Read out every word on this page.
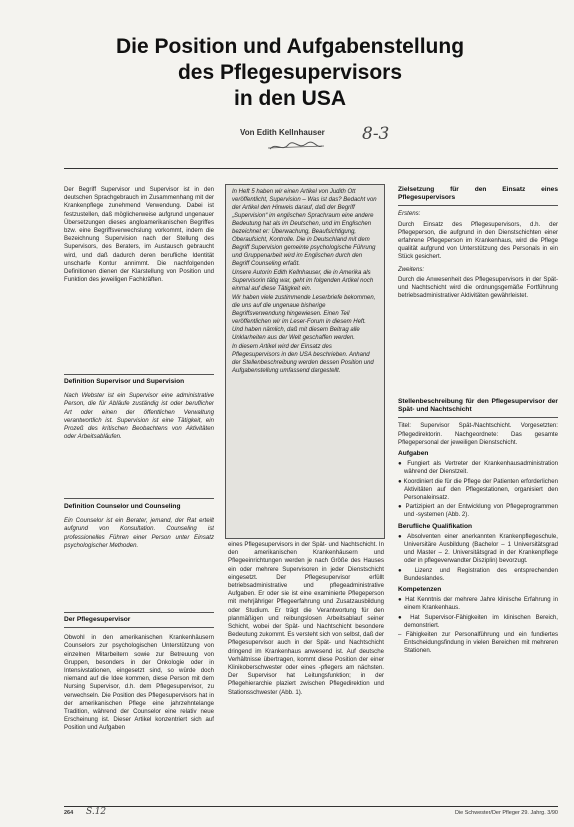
Die Position und Aufgabenstellung
des Pflegesupervisors
in den USA
Von Edith Kellnhauser 8-3

Der Begriff Supervisor und Supervisor ist in den deutschen Sprachgebrauch im Zusammenhang mit der Krankenpflege zunehmend Verwendung. Dabei ist festzustellen, daß möglicherweise aufgrund ungenauer Übersetzungen dieses angloamerikanischen Begriffes bzw. eine Begriffsverwechslung vorkommt, indem die Bezeichnung Supervision nach der Stellung des Supervisors, des Beraters, im Austausch gebraucht wird, und daß dadurch deren berufliche Identität unscharfe Kontur annimmt. Die nachfolgenden Definitionen dienen der Klarstellung von Position und Funktion des jeweiligen Fachkräften.

Definition Supervisor und Supervision

Nach Webster ist ein Supervisor eine administrative Person, die für Abläufe zuständig ist oder beruflicher Art oder einen der öffentlichen Verwaltung verantwortlich ist. Supervision ist eine Tätigkeit, ein Prozeß des kritischen Beobachtens von Aktivitäten oder Arbeitsabläufen.

Definition Counselor und Counseling

Ein Counselor ist ein Berater, jemand, der Rat erteilt aufgrund von Konsultation. Counseling ist professionelles Führen einer Person unter Einsatz psychologischer Methoden.

Der Pflegesupervisor

Obwohl in den amerikanischen Krankenhäusern Counselors zur psychologischen Unterstützung von einzelnen Mitarbeitern sowie zur Betreuung von Gruppen, besonders in der Onkologie oder in Intensivstationen, eingesetzt sind, so würde doch niemand auf die Idee kommen, diese Person mit dem Nursing Supervisor, d.h. dem Pflegesupervisor, zu verwechseln. Die Position des Pflegesupervisors hat in der amerikanischen Pflege eine jahrzehntelange Tradition, während der Counselor eine relativ neue Erscheinung ist. Dieser Artikel konzentriert sich auf Position und Aufgaben

In Heft 5 haben wir einen Artikel von Judith Ott veröffentlicht, Supervision – Was ist das? Bedacht von der Artikel den Hinweis darauf, daß der Begriff „Supervision“ im englischen Sprachraum eine andere Bedeutung hat als im Deutschen, und im Englischen bezeichnet er: Überwachung, Beaufsichtigung, Oberaufsicht, Kontrolle. Die in Deutschland mit dem Begriff Supervision gemeinte psychologische Führung und Gruppenarbeit wird im Englischen durch den Begriff Counseling erfaßt.

Unsere Autorin Edith Kellnhauser, die in Amerika als Supervisorin tätig war, geht im folgenden Artikel noch einmal auf diese Tätigkeit ein.

Wir haben viele zustimmende Leserbriefe bekommen, die uns auf die ungenaue bisherige Begriffsverwendung hingewiesen. Einen Teil veröffentlichen wir im Leser-Forum in diesem Heft. Und haben nämlich, daß mit diesem Beitrag alle Unklarheiten aus der Welt geschaffen werden.

In diesem Artikel wird der Einsatz des Pflegesupervisors in den USA beschrieben. Anhand der Stellenbeschreibung werden dessen Position und Aufgabenstellung umfassend dargestellt.

eines Pflegesupervisors in der Spät- und Nachtschicht. In den amerikanischen Krankenhäusern und Pflegeeinrichtungen werden je nach Größe des Hauses ein oder mehrere Supervisoren in jeder Dienstschicht eingesetzt. Der Pflegesupervisor erfüllt betriebsadministrative und pflegeadministrative Aufgaben. Er oder sie ist eine examinierte Pflegeperson mit mehrjähriger Pflegeerfahrung und Zusatzausbildung oder Studium. Er trägt die Verantwortung für den planmäßigen und reibungslosen Arbeitsablauf seiner Schicht, wobei der Spät- und Nachtschicht besondere Bedeutung zukommt. Es versteht sich von selbst, daß der Pflegesupervisor auch in der Spät- und Nachtschicht dringend im Krankenhaus anwesend ist. Auf deutsche Verhältnisse übertragen, kommt diese Position der einer Klinikoberschwester oder eines -pflegers am nächsten. Der Supervisor hat Leitungsfunktion; in der Pflegehierarchie plaziert zwischen Pflegedirektion und Stationsschwester (Abb. 1).

Zielsetzung für den Einsatz eines Pflegesupervisors

Erstens:

Durch Einsatz des Pflegesupervisors, d.h. der Pflegeperson, die aufgrund in den Dienstschichten einer erfahrene Pflegeperson im Krankenhaus, wird die Pflege qualität aufgrund von Unterstützung des Personals in ein Stück gesichert.

Zweitens:

Durch die Anwesenheit des Pflegesupervisors in der Spät- und Nachtschicht wird die ordnungsgemäße Fortführung betriebsadministrativer Aktivitäten gewährleistet.

Stellenbeschreibung für den Pflegesupervisor der Spät- und Nachtschicht

Titel: Supervisor Spät-/Nachtschicht. Vorgesetzten: Pflegedirektorin. Nachgeordnete: Das gesamte Pflegepersonal der jeweiligen Dienstschicht.

Aufgaben

● Fungiert als Vertreter der Krankenhausadministration während der Dienstzeit.
● Koordiniert die für die Pflege der Patienten erforderlichen Aktivitäten auf den Pflegestationen, organisiert den Personaleinsatz.
● Partizipiert an der Entwicklung von Pflegeprogrammen und -systemen (Abb. 2).

Berufliche Qualifikation

● Absolventen einer anerkannten Krankenpflegeschule, Universitäre Ausbildung (Bachelor – 1 Universitätsgrad und Master – 2. Universitätsgrad in der Krankenpflege oder in pflegeverwandter Disziplin) bevorzugt.
● Lizenz und Registration des entsprechenden Bundeslandes.

Kompetenzen

● Hat Kenntnis der mehrere Jahre klinische Erfahrung in einem Krankenhaus.
● Hat Supervisor-Fähigkeiten im klinischen Bereich, demonstriert.
– Fähigkeiten zur Personalführung und ein fundiertes Entscheidungsfindung in vielen Bereichen mit mehreren Stationen.
264 S.12	Die Schwester/Der Pfleger 29. Jahrg. 3/90
